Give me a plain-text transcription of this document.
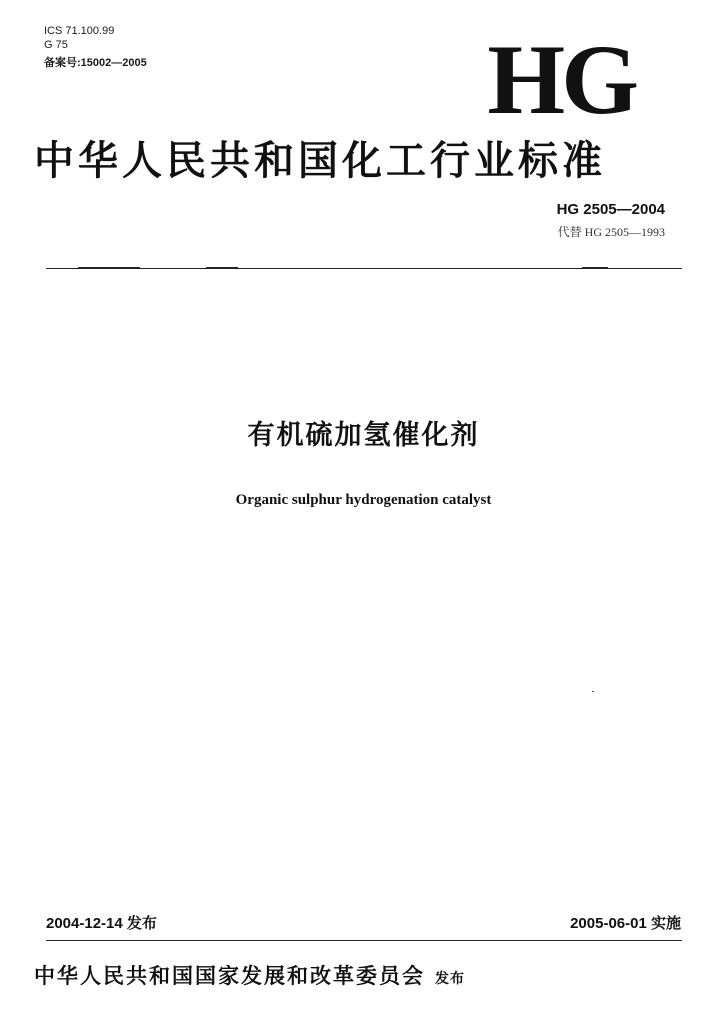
ICS 71.100.99
G 75
备案号:15002—2005	HG
中华人民共和国化工行业标准
HG 2505—2004
代替 HG 2505—1993
有机硫加氢催化剂
Organic sulphur hydrogenation catalyst
2004-12-14 发布	2005-06-01 实施
中华人民共和国国家发展和改革委员会 发布
